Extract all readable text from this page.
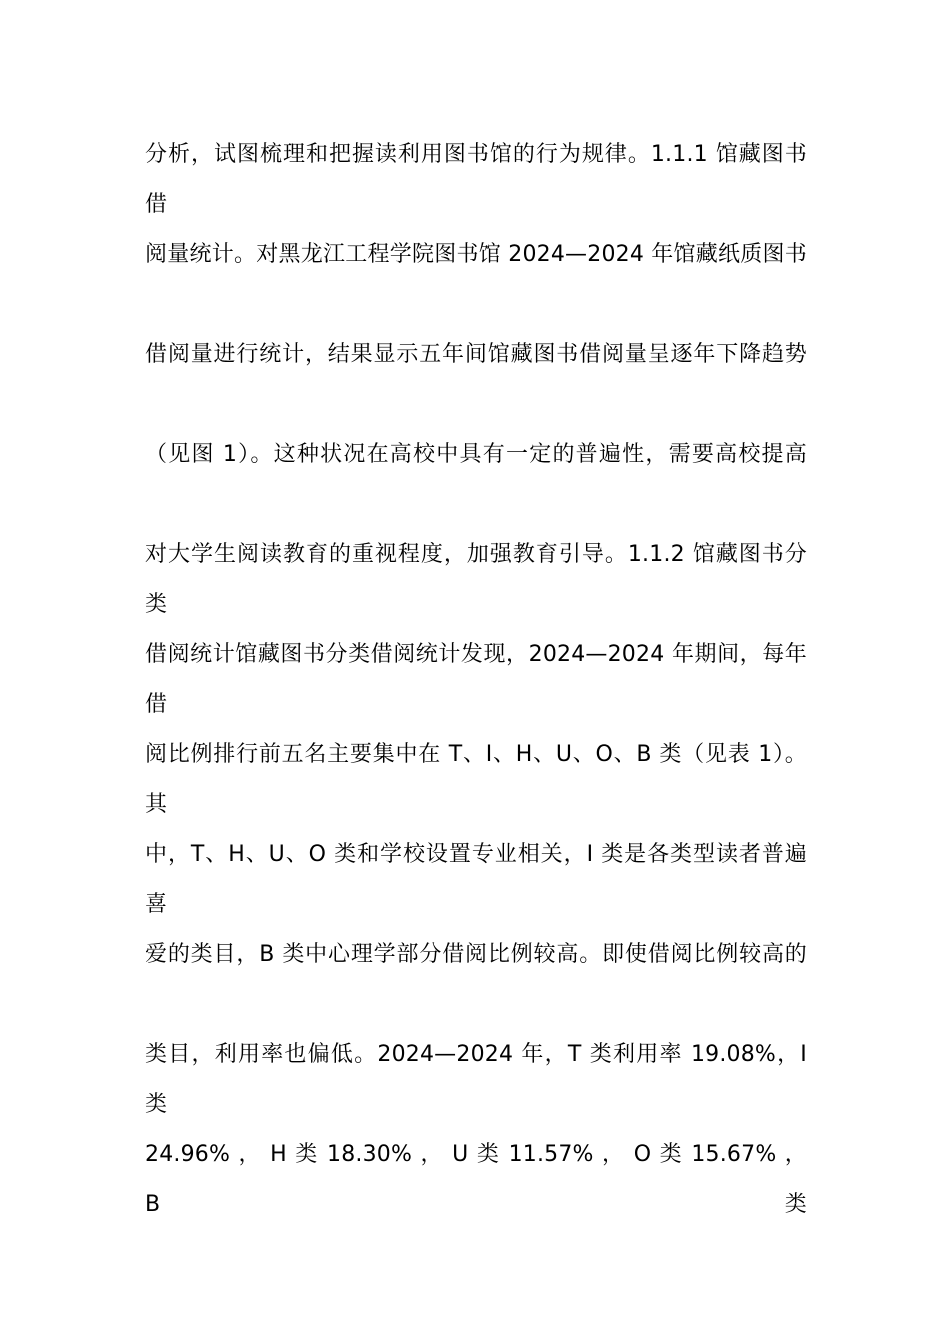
分析，试图梳理和把握读利用图书馆的行为规律。1.1.1 馆藏图书借
阅量统计。对黑龙江工程学院图书馆 2024—2024 年馆藏纸质图书
借阅量进行统计，结果显示五年间馆藏图书借阅量呈逐年下降趋势
（见图 1）。这种状况在高校中具有一定的普遍性，需要高校提高
对大学生阅读教育的重视程度，加强教育引导。1.1.2 馆藏图书分类
借阅统计馆藏图书分类借阅统计发现，2024—2024 年期间，每年借
阅比例排行前五名主要集中在 T、I、H、U、O、B 类（见表 1）。其
中，T、H、U、O 类和学校设置专业相关，I 类是各类型读者普遍喜
爱的类目，B 类中心理学部分借阅比例较高。即使借阅比例较高的
类目，利用率也偏低。2024—2024 年，T 类利用率 19.08%，I 类
24.96% ， H 类 18.30% ， U 类 11.57% ， O 类 15.67% ， B 类
